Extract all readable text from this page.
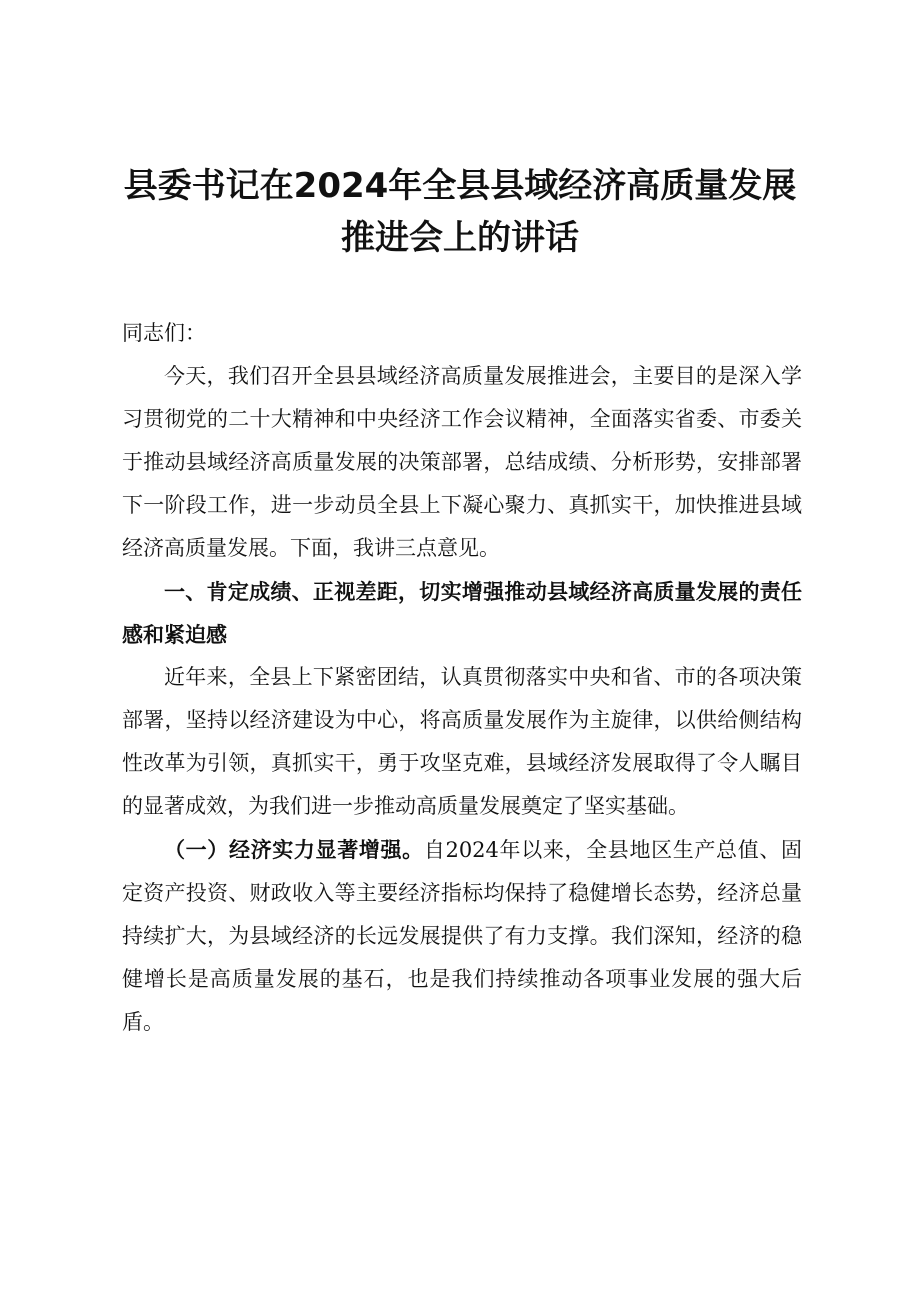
县委书记在2024年全县县域经济高质量发展
推进会上的讲话

同志们：

今天，我们召开全县县域经济高质量发展推进会，主要目的是深入学习贯彻党的二十大精神和中央经济工作会议精神，全面落实省委、市委关于推动县域经济高质量发展的决策部署，总结成绩、分析形势，安排部署下一阶段工作，进一步动员全县上下凝心聚力、真抓实干，加快推进县域经济高质量发展。下面，我讲三点意见。

一、肯定成绩、正视差距，切实增强推动县域经济高质量发展的责任感和紧迫感

近年来，全县上下紧密团结，认真贯彻落实中央和省、市的各项决策部署，坚持以经济建设为中心，将高质量发展作为主旋律，以供给侧结构性改革为引领，真抓实干，勇于攻坚克难，县域经济发展取得了令人瞩目的显著成效，为我们进一步推动高质量发展奠定了坚实基础。

（一）经济实力显著增强。自2024年以来，全县地区生产总值、固定资产投资、财政收入等主要经济指标均保持了稳健增长态势，经济总量持续扩大，为县域经济的长远发展提供了有力支撑。我们深知，经济的稳健增长是高质量发展的基石，也是我们持续推动各项事业发展的强大后盾。
